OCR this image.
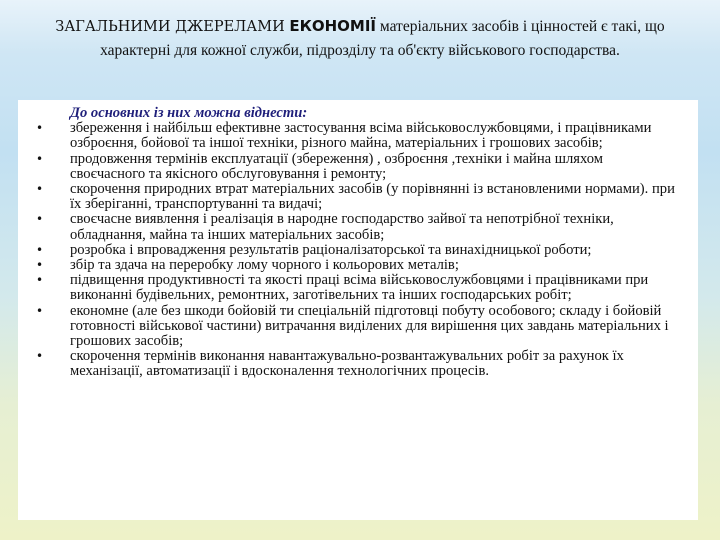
ЗАГАЛЬНИМИ ДЖЕРЕЛАМИ ЕКОНОМІЇ матеріальних засобів і цінностей є такі, що характерні для кожної служби, підрозділу та об'єкту військового господарства.
До основних із них можна віднести:
• збереження і найбільш ефективне застосування всіма військовослужбовцями, і працівниками озброєння, бойової та іншої техніки, різного майна, матеріальних і грошових засобів;
• продовження термінів експлуатації (збереження) , озброєння ,техніки і майна шляхом своєчасного та якісного обслуговування і ремонту;
• скорочення природних втрат матеріальних засобів (у порівнянні із встановленими нормами). при їх зберіганні, транспортуванні та видачі;
• своєчасне виявлення і реалізація в народне господарство зайвої та непотрібної техніки, обладнання, майна та інших матеріальних засобів;
• розробка і впровадження результатів раціоналізаторської та винахідницької роботи;
• збір та здача на переробку лому чорного і кольорових металів;
• підвищення продуктивності та якості праці всіма військовослужбовцями і працівниками при виконанні будівельних, ремонтних, заготівельних та інших господарських робіт;
• економне (але без шкоди бойовій ти спеціальній підготовці побуту особового; складу і бойовій готовності військової частини) витрачання виділених для вирішення цих завдань матеріальних і грошових засобів;
• скорочення термінів виконання навантажувально-розвантажувальних робіт за рахунок їх механізації, автоматизації і вдосконалення технологічних процесів.
